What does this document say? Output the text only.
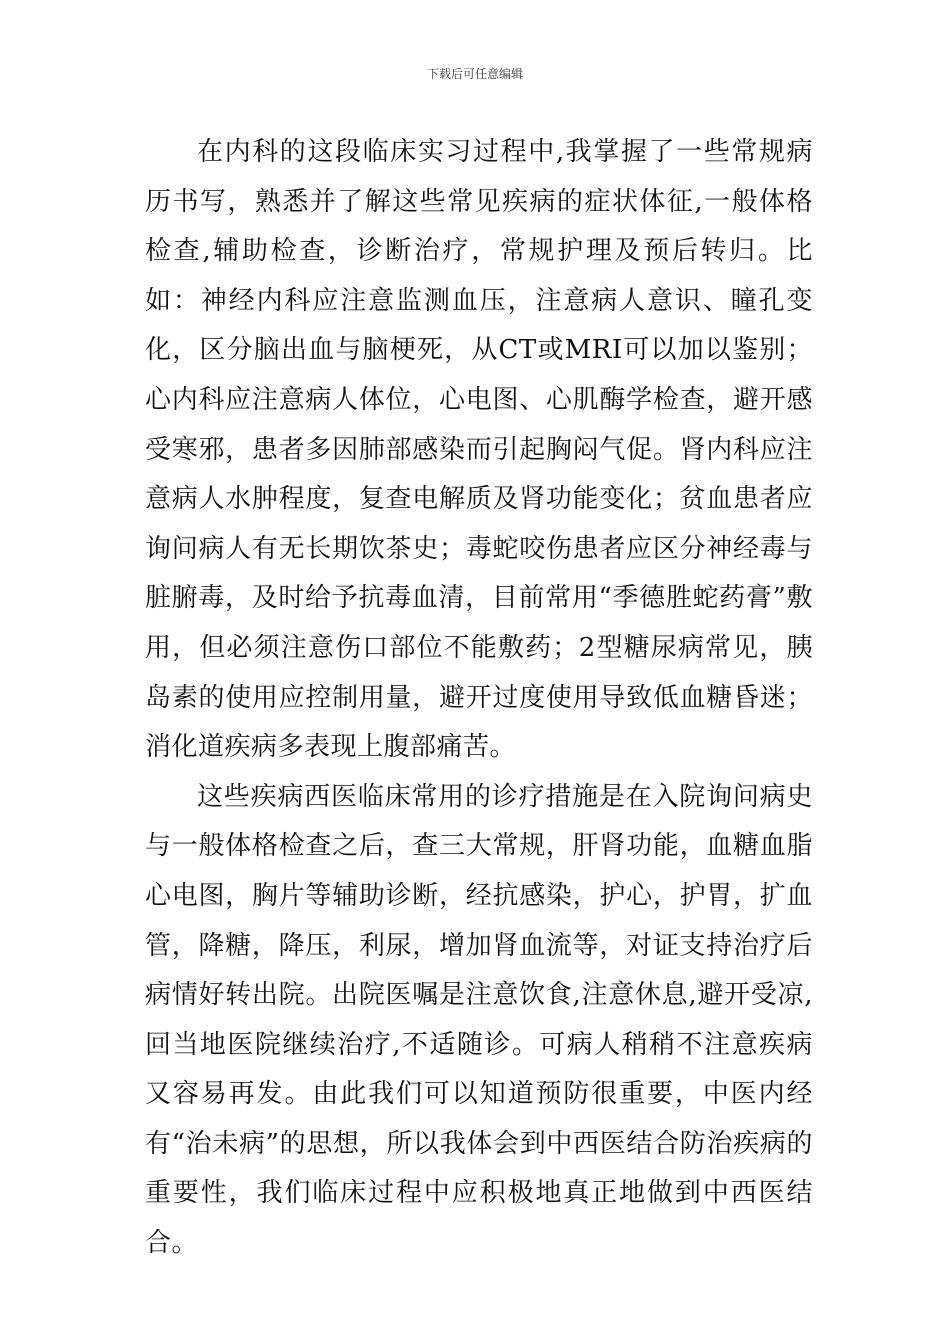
下载后可任意编辑

在内科的这段临床实习过程中,我掌握了一些常规病历书写，熟悉并了解这些常见疾病的症状体征,一般体格检查,辅助检查，诊断治疗，常规护理及预后转归。比如：神经内科应注意监测血压，注意病人意识、瞳孔变化，区分脑出血与脑梗死，从CT或MRI可以加以鉴别；心内科应注意病人体位，心电图、心肌酶学检查，避开感受寒邪，患者多因肺部感染而引起胸闷气促。肾内科应注意病人水肿程度，复查电解质及肾功能变化；贫血患者应询问病人有无长期饮茶史；毒蛇咬伤患者应区分神经毒与脏腑毒，及时给予抗毒血清，目前常用“季德胜蛇药膏”敷用，但必须注意伤口部位不能敷药；2型糖尿病常见，胰岛素的使用应控制用量，避开过度使用导致低血糖昏迷；消化道疾病多表现上腹部痛苦。

这些疾病西医临床常用的诊疗措施是在入院询问病史与一般体格检查之后，查三大常规，肝肾功能，血糖血脂心电图，胸片等辅助诊断，经抗感染，护心，护胃，扩血管，降糖，降压，利尿，增加肾血流等，对证支持治疗后病情好转出院。出院医嘱是注意饮食,注意休息,避开受凉,回当地医院继续治疗,不适随诊。可病人稍稍不注意疾病又容易再发。由此我们可以知道预防很重要，中医内经有“治未病”的思想，所以我体会到中西医结合防治疾病的重要性，我们临床过程中应积极地真正地做到中西医结合。
